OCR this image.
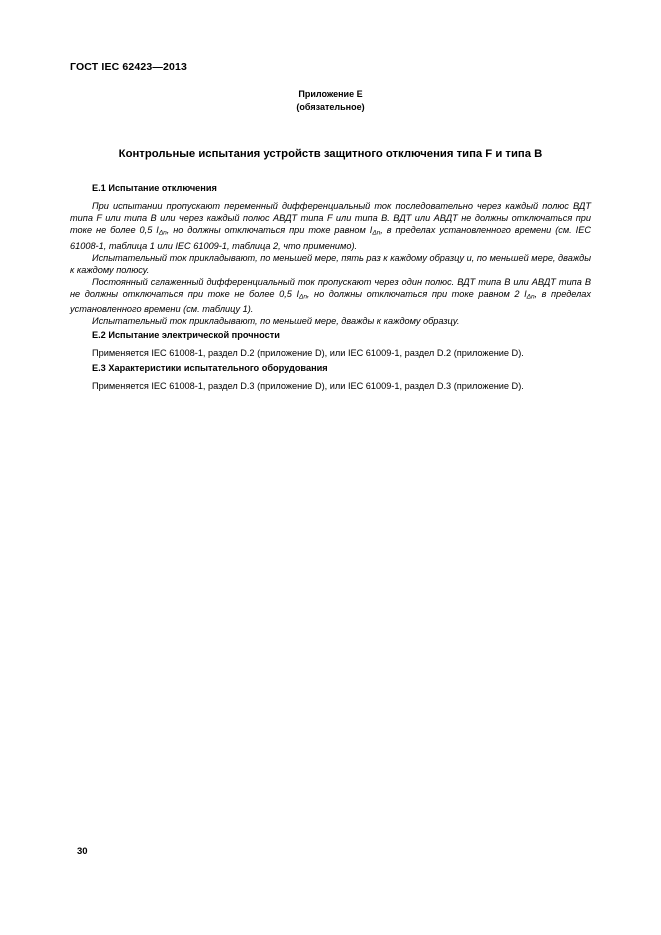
ГОСТ IEC 62423—2013
Приложение E
(обязательное)
Контрольные испытания устройств защитного отключения типа F и типа B
E.1 Испытание отключения

При испытании пропускают переменный дифференциальный ток последовательно через каждый полюс ВДТ типа F или типа B или через каждый полюс АВДТ типа F или типа B. ВДТ или АВДТ не должны отключаться при токе не более 0,5 $I_{\Delta n}$, но должны отключаться при токе равном $I_{\Delta n}$, в пределах установленного времени (см. IEC 61008-1, таблица 1 или IEC 61009-1, таблица 2, что применимо).

Испытательный ток прикладывают, по меньшей мере, пять раз к каждому образцу и, по меньшей мере, дважды к каждому полюсу.

Постоянный сглаженный дифференциальный ток пропускают через один полюс. ВДТ типа B или АВДТ типа B не должны отключаться при токе не более 0,5 $I_{\Delta n}$, но должны отключаться при токе равном 2 $I_{\Delta n}$, в пределах установленного времени (см. таблицу 1).

Испытательный ток прикладывают, по меньшей мере, дважды к каждому образцу.

E.2 Испытание электрической прочности
Применяется IEC 61008-1, раздел D.2 (приложение D), или IEC 61009-1, раздел D.2 (приложение D).
E.3 Характеристики испытательного оборудования
Применяется IEC 61008-1, раздел D.3 (приложение D), или IEC 61009-1, раздел D.3 (приложение D).
30
